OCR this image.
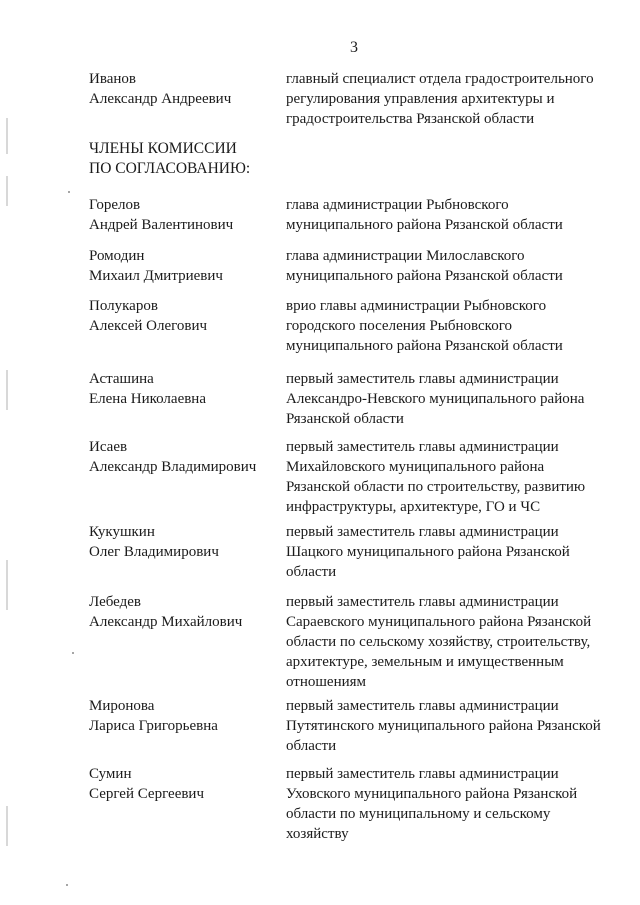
3
Иванов
Александр Андреевич
главный специалист отдела градостроительного
регулирования управления архитектуры и
градостроительства Рязанской области
ЧЛЕНЫ КОМИССИИ
ПО СОГЛАСОВАНИЮ:
Горелов
Андрей Валентинович
глава администрации Рыбновского
муниципального района Рязанской области
Ромодин
Михаил Дмитриевич
глава администрации Милославского
муниципального района Рязанской области
Полукаров
Алексей Олегович
врио главы администрации Рыбновского
городского поселения Рыбновского
муниципального района Рязанской области
Асташина
Елена Николаевна
первый заместитель главы администрации
Александро-Невского муниципального района
Рязанской области
Исаев
Александр Владимирович
первый заместитель главы администрации
Михайловского муниципального района
Рязанской области по строительству, развитию
инфраструктуры, архитектуре, ГО и ЧС
Кукушкин
Олег Владимирович
первый заместитель главы администрации
Шацкого муниципального района Рязанской
области
Лебедев
Александр Михайлович
первый заместитель главы администрации
Сараевского муниципального района Рязанской
области по сельскому хозяйству, строительству,
архитектуре, земельным и имущественным
отношениям
Миронова
Лариса Григорьевна
первый заместитель главы администрации
Путятинского муниципального района Рязанской
области
Сумин
Сергей Сергеевич
первый заместитель главы администрации
Уховского муниципального района Рязанской
области по муниципальному и сельскому
хозяйству
